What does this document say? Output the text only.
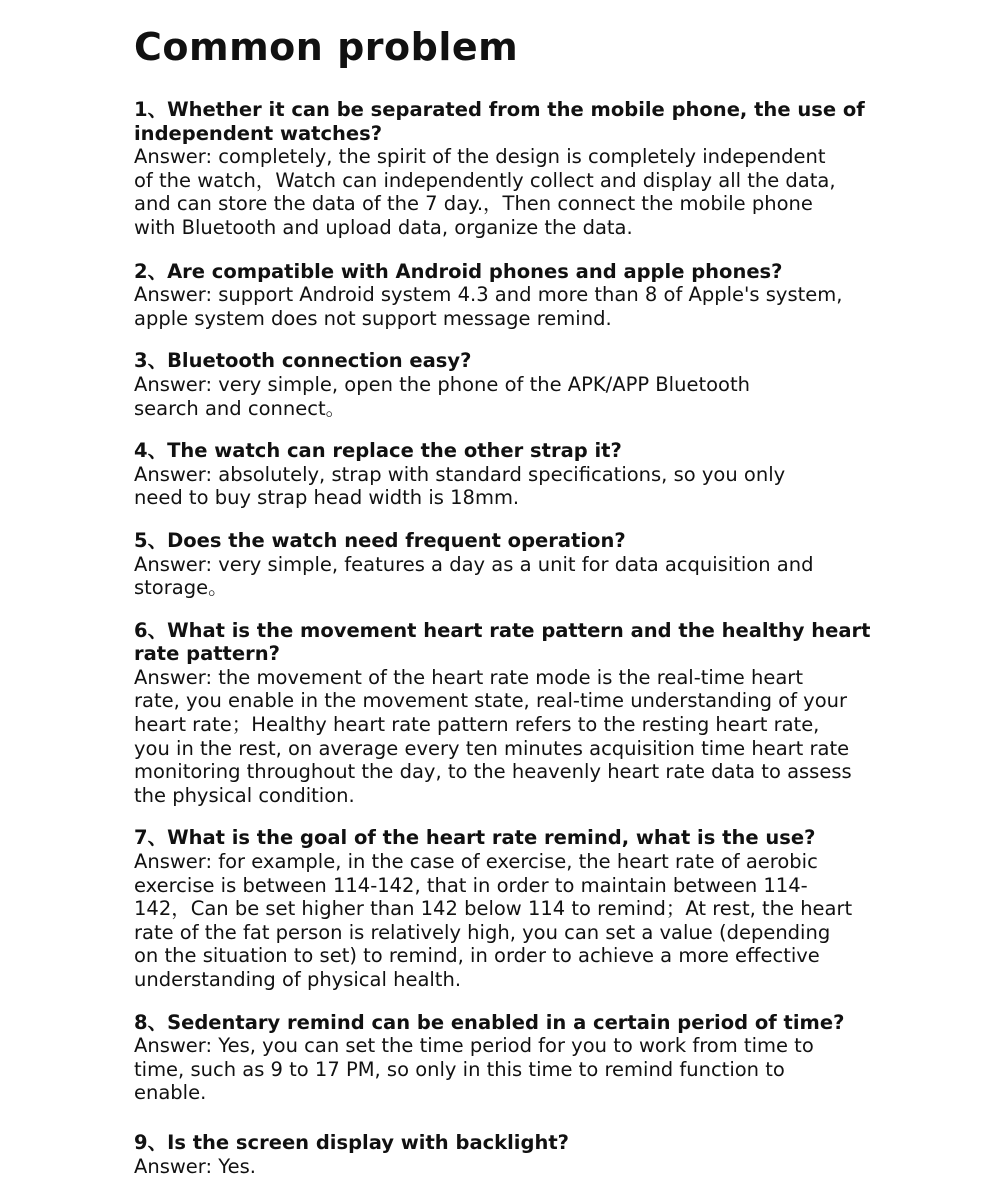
Common problem

1、Whether it can be separated from the mobile phone, the use of
independent watches?

Answer: completely, the spirit of the design is completely independent
of the watch，Watch can independently collect and display all the data,
and can store the data of the 7 day.，Then connect the mobile phone
with Bluetooth and upload data, organize the data.

2、Are compatible with Android phones and apple phones?

Answer: support Android system 4.3 and more than 8 of Apple's system,
apple system does not support message remind.

3、Bluetooth connection easy?

Answer: very simple, open the phone of the APK/APP Bluetooth
search and connect。

4、The watch can replace the other strap it?

Answer: absolutely, strap with standard specifications, so you only
need to buy strap head width is 18mm.

5、Does the watch need frequent operation?

Answer: very simple, features a day as a unit for data acquisition and
storage。

6、What is the movement heart rate pattern and the healthy heart
rate pattern?

Answer: the movement of the heart rate mode is the real-time heart
rate, you enable in the movement state, real-time understanding of your
heart rate；Healthy heart rate pattern refers to the resting heart rate,
you in the rest, on average every ten minutes acquisition time heart rate
monitoring throughout the day, to the heavenly heart rate data to assess
the physical condition.

7、What is the goal of the heart rate remind, what is the use?

Answer: for example, in the case of exercise, the heart rate of aerobic
exercise is between 114-142, that in order to maintain between 114-
142，Can be set higher than 142 below 114 to remind；At rest, the heart
rate of the fat person is relatively high, you can set a value (depending
on the situation to set) to remind, in order to achieve a more effective
understanding of physical health.

8、Sedentary remind can be enabled in a certain period of time?

Answer: Yes, you can set the time period for you to work from time to
time, such as 9 to 17 PM, so only in this time to remind function to
enable.

9、Is the screen display with backlight?

Answer: Yes.
